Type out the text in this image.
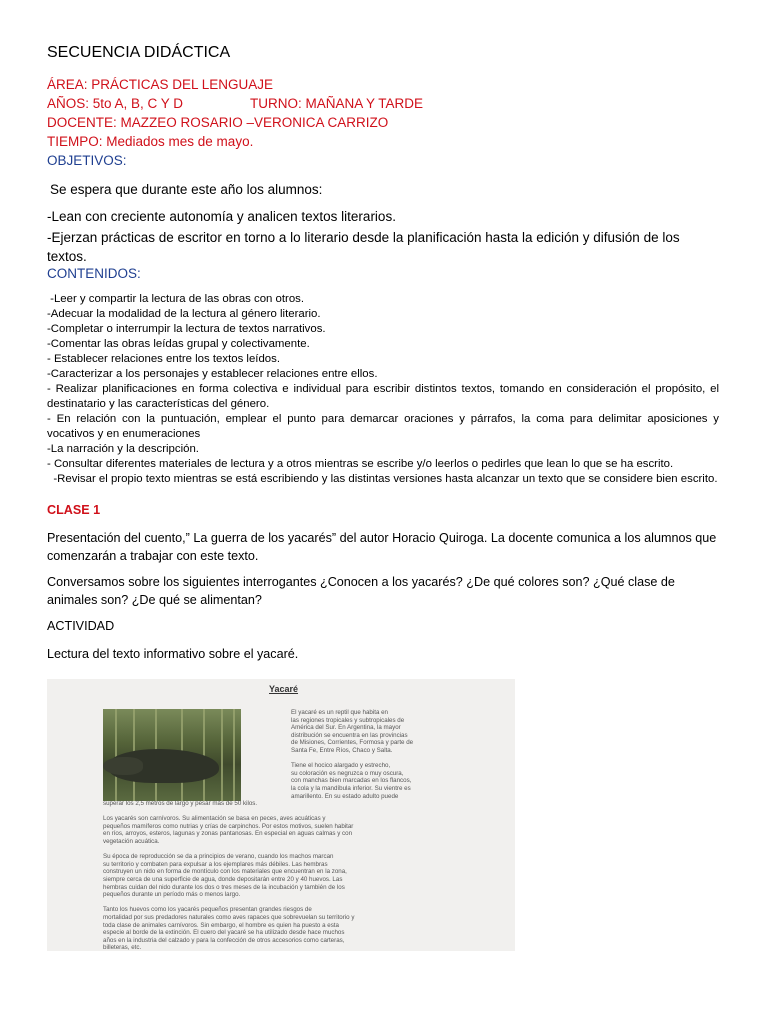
SECUENCIA DIDÁCTICA
ÁREA: PRÁCTICAS DEL LENGUAJE
AÑOS: 5to A, B, C Y D	TURNO: MAÑANA Y TARDE
DOCENTE: MAZZEO ROSARIO –VERONICA CARRIZO
TIEMPO: Mediados mes de mayo.
OBJETIVOS:
Se espera que durante este año los alumnos:
-Lean con creciente autonomía y analicen textos literarios.
-Ejerzan prácticas de escritor en torno a lo literario desde la planificación hasta la edición y difusión de los textos.
CONTENIDOS:
-Leer y compartir la lectura de las obras con otros.
-Adecuar la modalidad de la lectura al género literario.
-Completar o interrumpir la lectura de textos narrativos.
-Comentar las obras leídas grupal y colectivamente.
- Establecer relaciones entre los textos leídos.
-Caracterizar a los personajes y establecer relaciones entre ellos.
- Realizar planificaciones en forma colectiva e individual para escribir distintos textos, tomando en consideración el propósito, el destinatario y las características del género.
- En relación con la puntuación, emplear el punto para demarcar oraciones y párrafos, la coma para delimitar aposiciones y vocativos y en enumeraciones
-La narración y la descripción.
- Consultar diferentes materiales de lectura y a otros mientras se escribe y/o leerlos o pedirles que lean lo que se ha escrito.
-Revisar el propio texto mientras se está escribiendo y las distintas versiones hasta alcanzar un texto que se considere bien escrito.
CLASE 1
Presentación del cuento,” La guerra de los yacarés” del autor Horacio Quiroga. La docente comunica a los alumnos que comenzarán a trabajar con este texto.
Conversamos sobre los siguientes interrogantes ¿Conocen a los yacarés? ¿De qué colores son? ¿Qué clase de animales son? ¿De qué se alimentan?
ACTIVIDAD
Lectura del texto informativo sobre el yacaré.
Yacaré
El yacaré es un reptil que habita en
las regiones tropicales y subtropicales de
América del Sur. En Argentina, la mayor
distribución se encuentra en las provincias
de Misiones, Corrientes, Formosa y parte de
Santa Fe, Entre Ríos, Chaco y Salta.

Tiene el hocico alargado y estrecho,
su coloración es negruzca o muy oscura,
con manchas bien marcadas en los flancos,
la cola y la mandíbula inferior. Su vientre es
amarillento. En su estado adulto puede
superar los 2,5 metros de largo y pesar más de 50 kilos.

Los yacarés son carnívoros. Su alimentación se basa en peces, aves acuáticas y
pequeños mamíferos como nutrias y crías de carpinchos. Por estos motivos, suelen habitar
en ríos, arroyos, esteros, lagunas y zonas pantanosas. En especial en aguas calmas y con
vegetación acuática.

Su época de reproducción se da a principios de verano, cuando los machos marcan
su territorio y combaten para expulsar a los ejemplares más débiles. Las hembras
construyen un nido en forma de montículo con los materiales que encuentran en la zona,
siempre cerca de una superficie de agua, donde depositarán entre 20 y 40 huevos. Las
hembras cuidan del nido durante los dos o tres meses de la incubación y también de los
pequeños durante un período más o menos largo.

Tanto los huevos como los yacarés pequeños presentan grandes riesgos de
mortalidad por sus predadores naturales como aves rapaces que sobrevuelan su territorio y
toda clase de animales carnívoros. Sin embargo, el hombre es quien ha puesto a esta
especie al borde de la extinción. El cuero del yacaré se ha utilizado desde hace muchos
años en la industria del calzado y para la confección de otros accesorios como carteras,
billeteras, etc.
